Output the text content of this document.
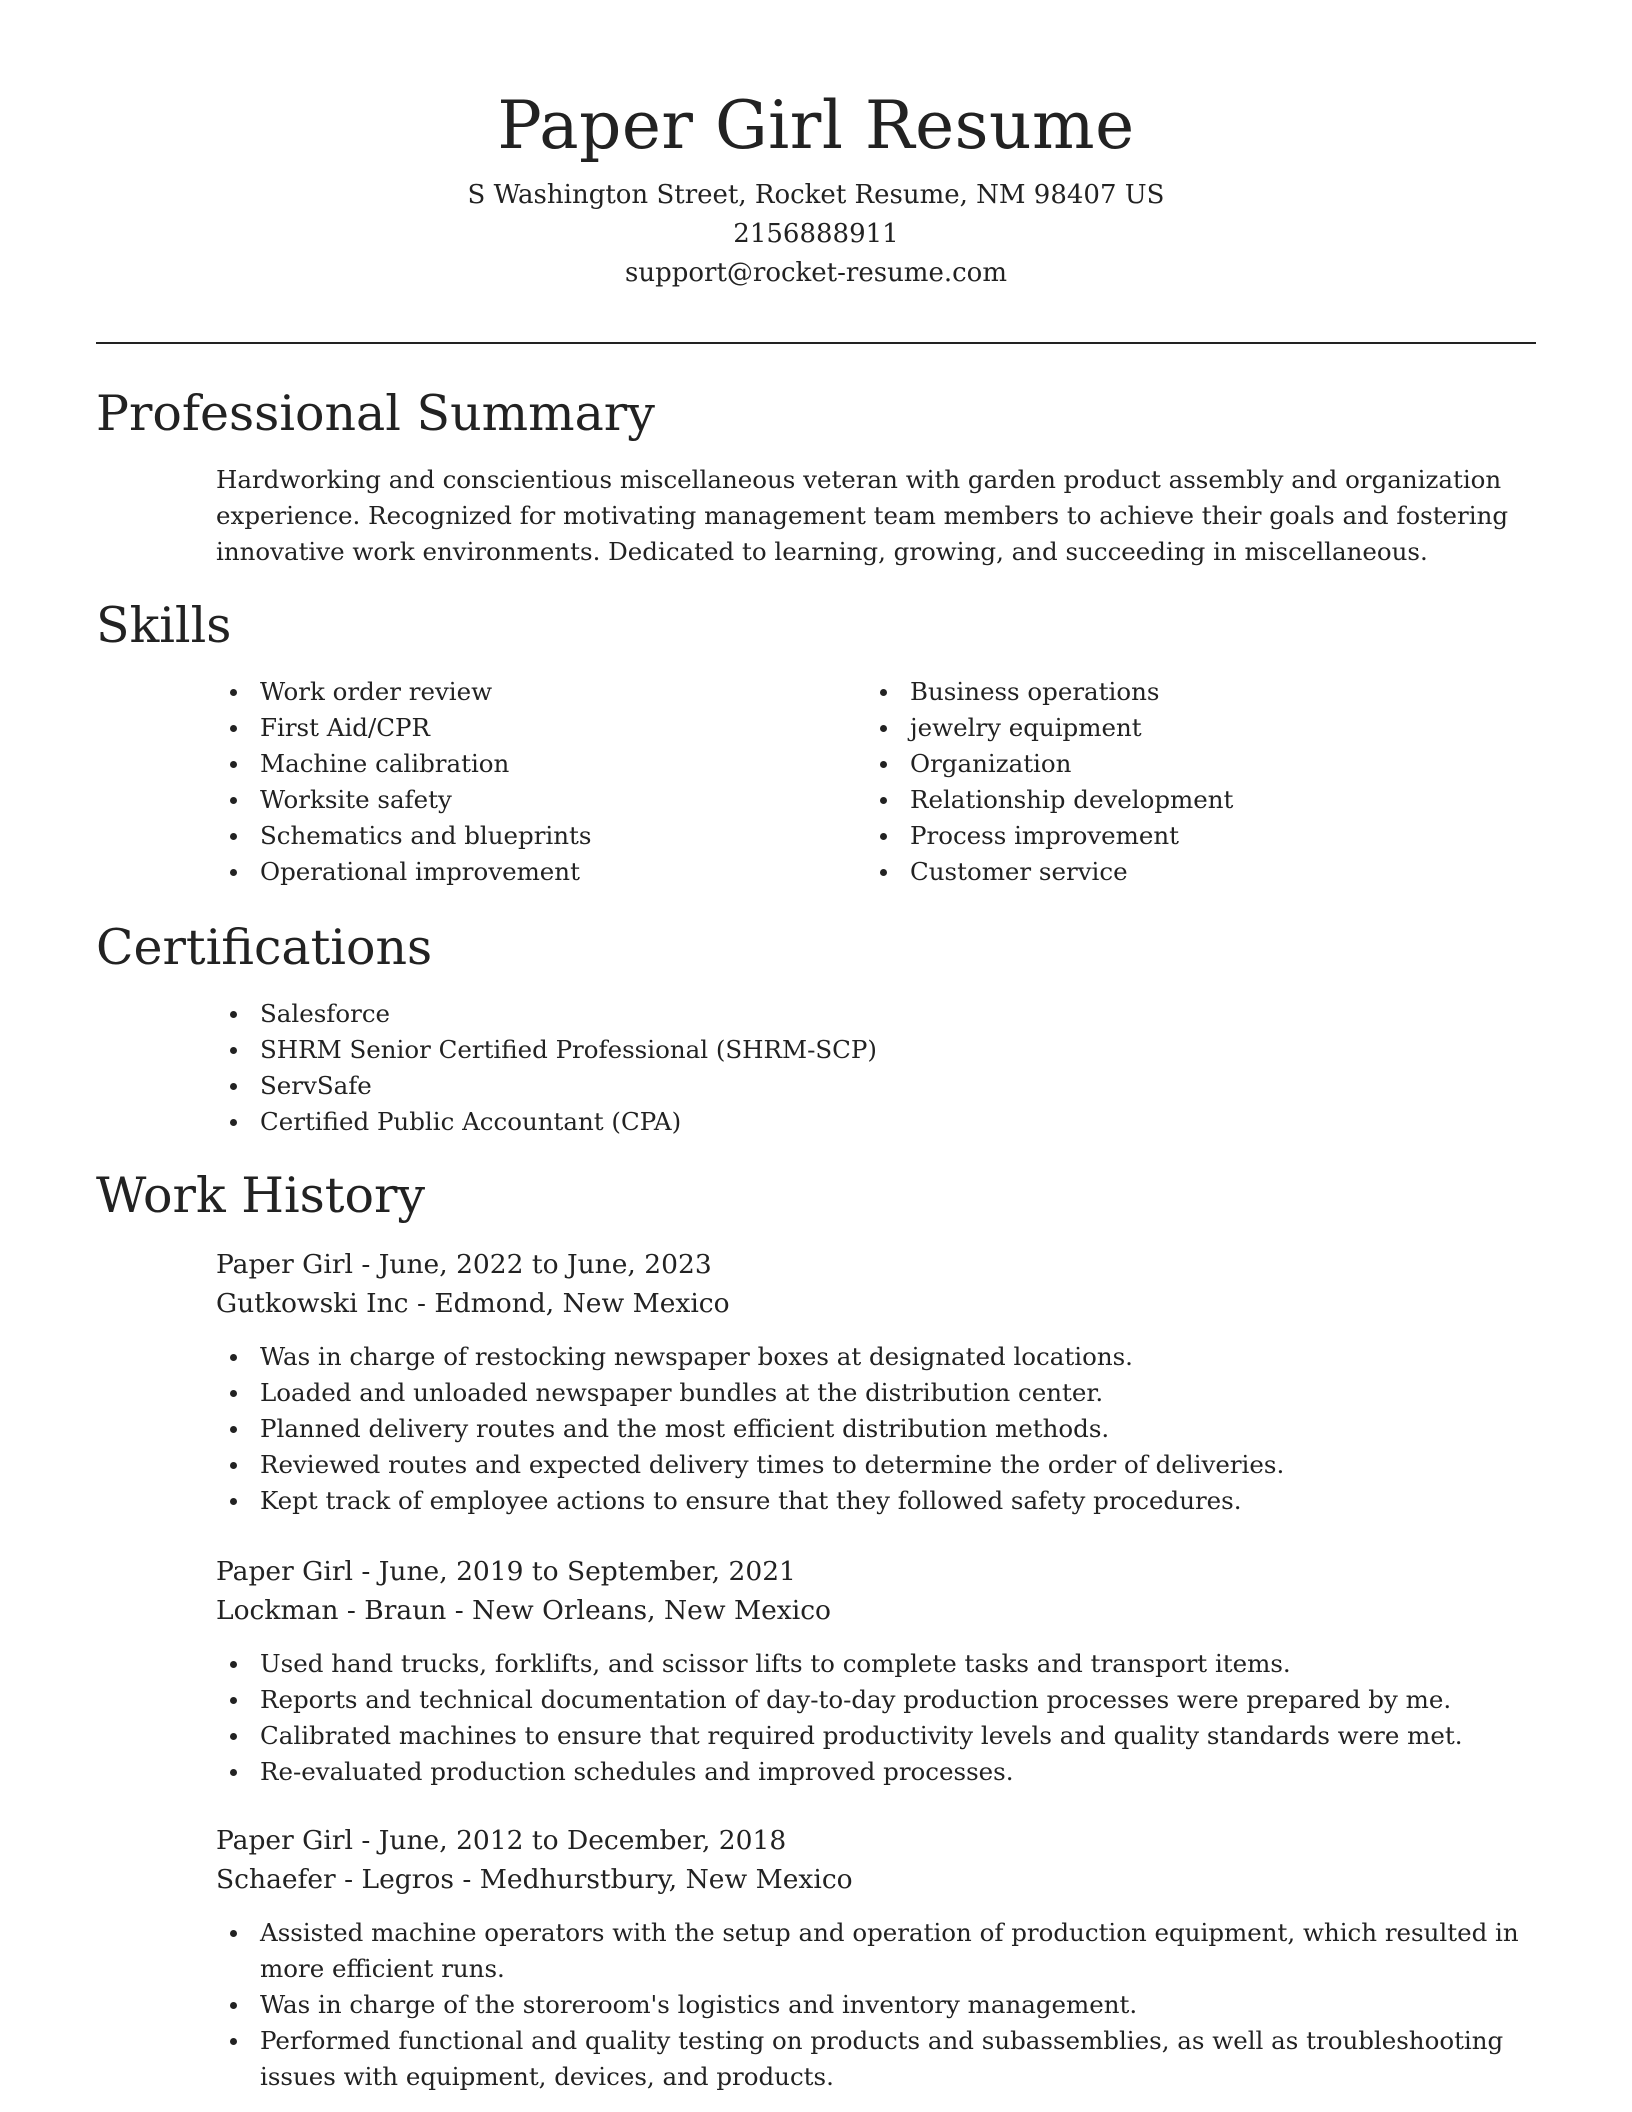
Paper Girl Resume
S Washington Street, Rocket Resume, NM 98407 US
2156888911
support@rocket-resume.com
Professional Summary

Hardworking and conscientious miscellaneous veteran with garden product assembly and organization experience. Recognized for motivating management team members to achieve their goals and fostering innovative work environments. Dedicated to learning, growing, and succeeding in miscellaneous.

Skills
Work order review
First Aid/CPR
Machine calibration
Worksite safety
Schematics and blueprints
Operational improvement
Business operations
jewelry equipment
Organization
Relationship development
Process improvement
Customer service
Certifications
Salesforce
SHRM Senior Certified Professional (SHRM-SCP)
ServSafe
Certified Public Accountant (CPA)
Work History
Paper Girl - June, 2022 to June, 2023
Gutkowski Inc - Edmond, New Mexico
Was in charge of restocking newspaper boxes at designated locations.
Loaded and unloaded newspaper bundles at the distribution center.
Planned delivery routes and the most efficient distribution methods.
Reviewed routes and expected delivery times to determine the order of deliveries.
Kept track of employee actions to ensure that they followed safety procedures.
Paper Girl - June, 2019 to September, 2021
Lockman - Braun - New Orleans, New Mexico
Used hand trucks, forklifts, and scissor lifts to complete tasks and transport items.
Reports and technical documentation of day-to-day production processes were prepared by me.
Calibrated machines to ensure that required productivity levels and quality standards were met.
Re-evaluated production schedules and improved processes.
Paper Girl - June, 2012 to December, 2018
Schaefer - Legros - Medhurstbury, New Mexico
Assisted machine operators with the setup and operation of production equipment, which resulted in more efficient runs.
Was in charge of the storeroom's logistics and inventory management.
Performed functional and quality testing on products and subassemblies, as well as troubleshooting issues with equipment, devices, and products.
